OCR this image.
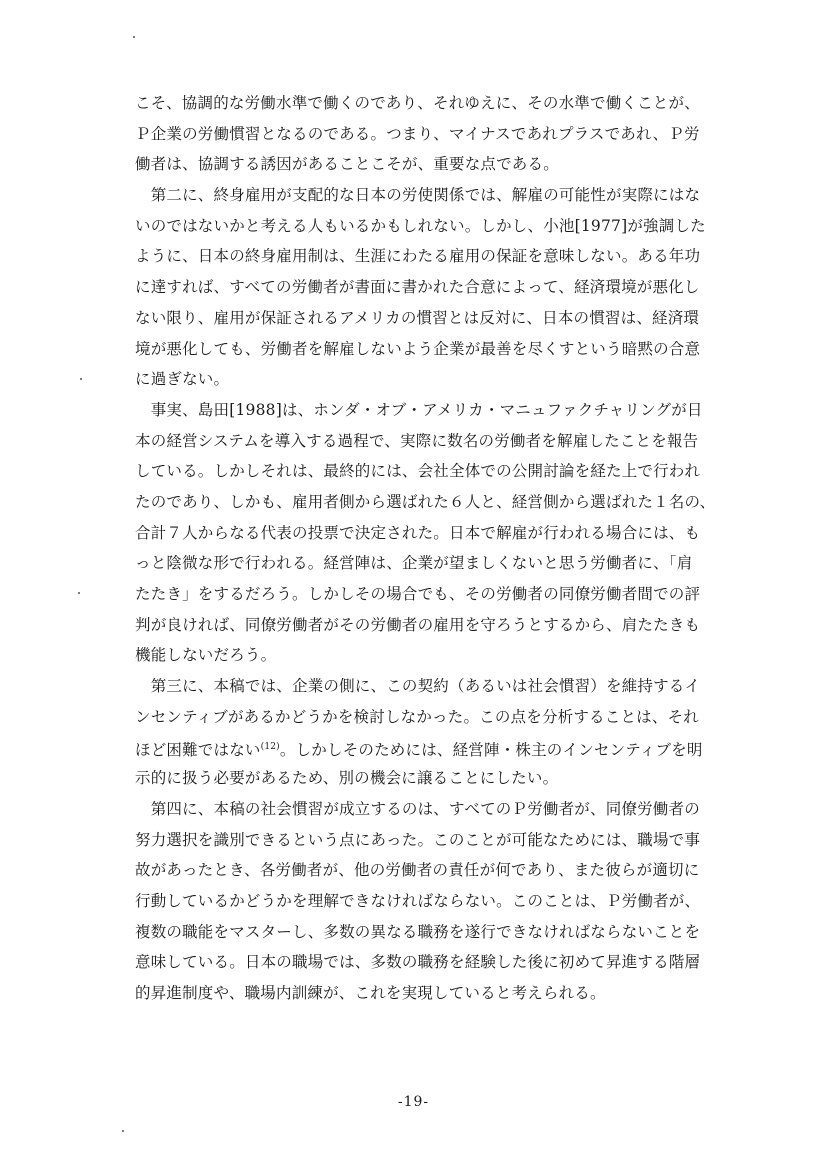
こそ、協調的な労働水準で働くのであり、それゆえに、その水準で働くことが、
Ｐ企業の労働慣習となるのである。つまり、マイナスであれプラスであれ、Ｐ労
働者は、協調する誘因があることこそが、重要な点である。
　第二に、終身雇用が支配的な日本の労使関係では、解雇の可能性が実際にはな
いのではないかと考える人もいるかもしれない。しかし、小池[1977]が強調した
ように、日本の終身雇用制は、生涯にわたる雇用の保証を意味しない。ある年功
に達すれば、すべての労働者が書面に書かれた合意によって、経済環境が悪化し
ない限り、雇用が保証されるアメリカの慣習とは反対に、日本の慣習は、経済環
境が悪化しても、労働者を解雇しないよう企業が最善を尽くすという暗黙の合意
に過ぎない。
　事実、島田[1988]は、ホンダ・オブ・アメリカ・マニュファクチャリングが日
本の経営システムを導入する過程で、実際に数名の労働者を解雇したことを報告
している。しかしそれは、最終的には、会社全体での公開討論を経た上で行われ
たのであり、しかも、雇用者側から選ばれた６人と、経営側から選ばれた１名の、
合計７人からなる代表の投票で決定された。日本で解雇が行われる場合には、も
っと陰微な形で行われる。経営陣は、企業が望ましくないと思う労働者に、「肩
たたき」をするだろう。しかしその場合でも、その労働者の同僚労働者間での評
判が良ければ、同僚労働者がその労働者の雇用を守ろうとするから、肩たたきも
機能しないだろう。
　第三に、本稿では、企業の側に、この契約（あるいは社会慣習）を維持するイ
ンセンティブがあるかどうかを検討しなかった。この点を分析することは、それ
ほど困難ではない$^{(12)}$。しかしそのためには、経営陣・株主のインセンティブを明
示的に扱う必要があるため、別の機会に譲ることにしたい。
　第四に、本稿の社会慣習が成立するのは、すべてのＰ労働者が、同僚労働者の
努力選択を識別できるという点にあった。このことが可能なためには、職場で事
故があったとき、各労働者が、他の労働者の責任が何であり、また彼らが適切に
行動しているかどうかを理解できなければならない。このことは、Ｐ労働者が、
複数の職能をマスターし、多数の異なる職務を遂行できなければならないことを
意味している。日本の職場では、多数の職務を経験した後に初めて昇進する階層
的昇進制度や、職場内訓練が、これを実現していると考えられる。
-19-
